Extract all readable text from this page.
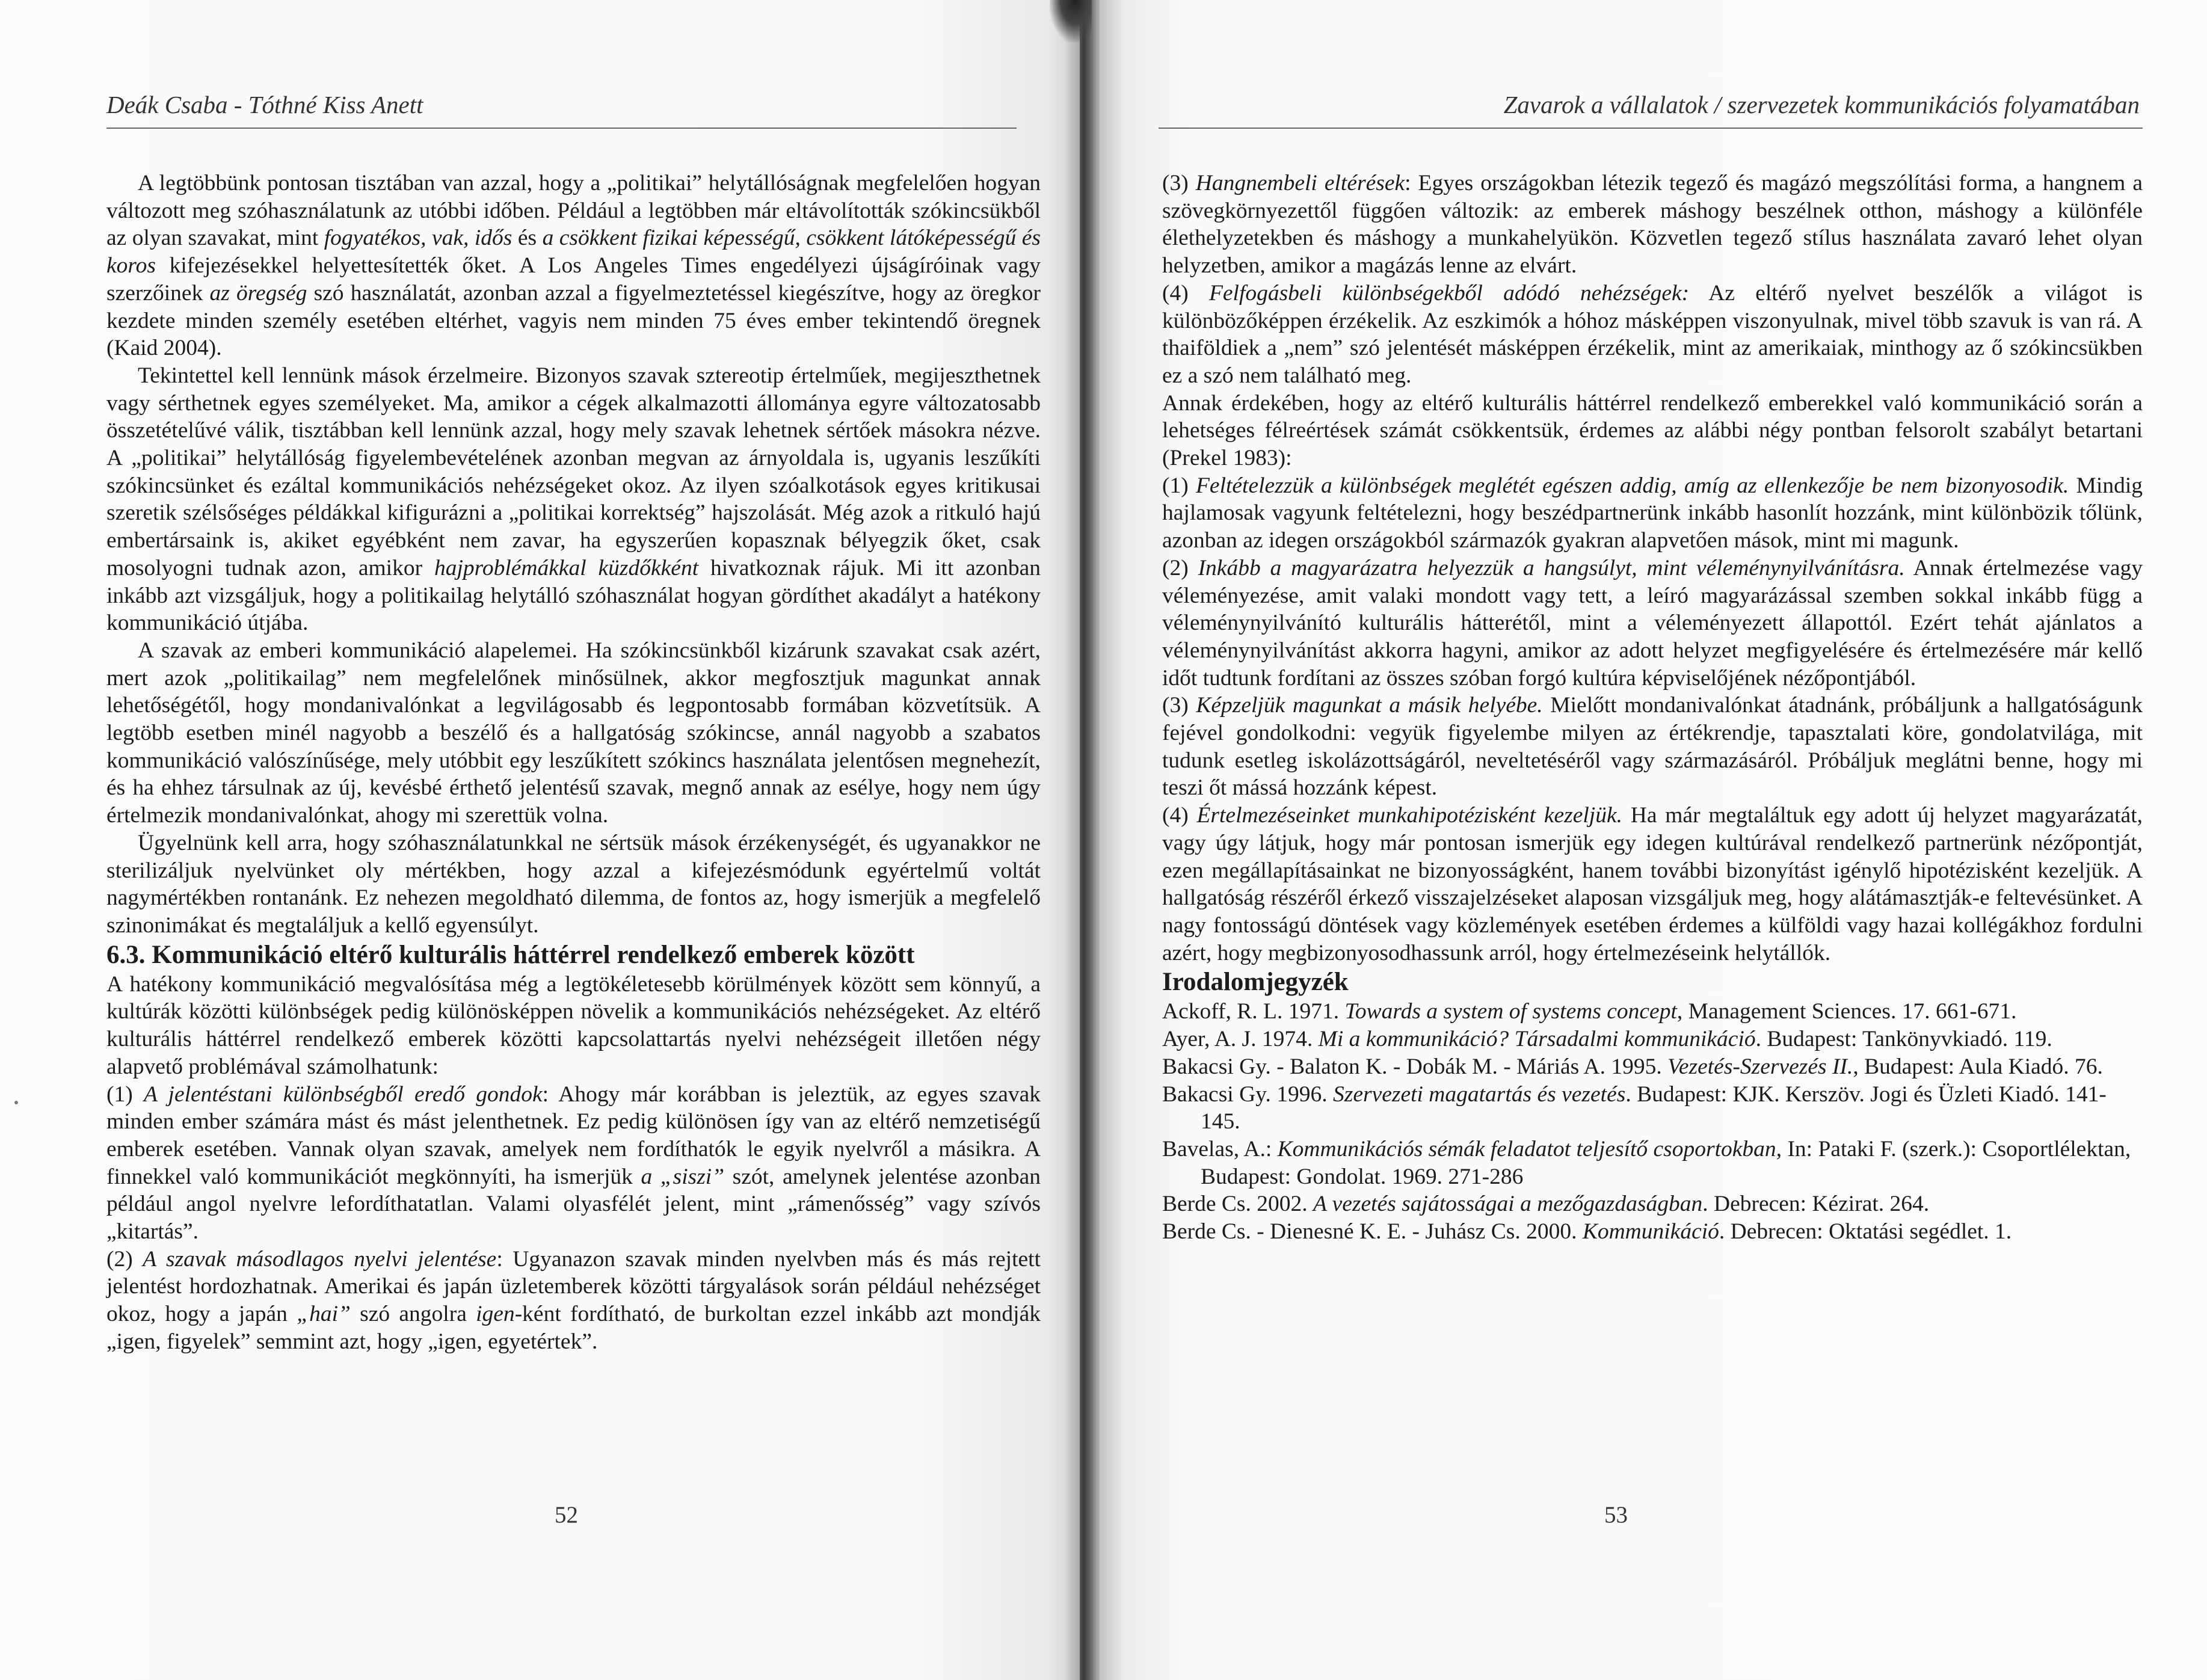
Deák Csaba - Tóthné Kiss Anett

A legtöbbünk pontosan tisztában van azzal, hogy a „politikai” helytállóságnak megfelelően hogyan változott meg szóhasználatunk az utóbbi időben. Például a legtöbben már eltávolították szókincsükből az olyan szavakat, mint fogyatékos, vak, idős és a csökkent fizikai képességű, csökkent látóképességű és koros kifejezésekkel helyettesítették őket. A Los Angeles Times engedélyezi újságíróinak vagy szerzőinek az öregség szó használatát, azonban azzal a figyelmeztetéssel kiegészítve, hogy az öregkor kezdete minden személy esetében eltérhet, vagyis nem minden 75 éves ember tekintendő öregnek (Kaid 2004).

Tekintettel kell lennünk mások érzelmeire. Bizonyos szavak sztereotip értelműek, megijeszthetnek vagy sérthetnek egyes személyeket. Ma, amikor a cégek alkalmazotti állománya egyre változatosabb összetételűvé válik, tisztábban kell lennünk azzal, hogy mely szavak lehetnek sértőek másokra nézve. A „politikai” helytállóság figyelembevételének azonban megvan az árnyoldala is, ugyanis leszűkíti szókincsünket és ezáltal kommunikációs nehézségeket okoz. Az ilyen szóalkotások egyes kritikusai szeretik szélsőséges példákkal kifigurázni a „politikai korrektség” hajszolását. Még azok a ritkuló hajú embertársaink is, akiket egyébként nem zavar, ha egyszerűen kopasznak bélyegzik őket, csak mosolyogni tudnak azon, amikor hajproblémákkal küzdőkként hivatkoznak rájuk. Mi itt azonban inkább azt vizsgáljuk, hogy a politikailag helytálló szóhasználat hogyan gördíthet akadályt a hatékony kommunikáció útjába.

A szavak az emberi kommunikáció alapelemei. Ha szókincsünkből kizárunk szavakat csak azért, mert azok „politikailag” nem megfelelőnek minősülnek, akkor megfosztjuk magunkat annak lehetőségétől, hogy mondanivalónkat a legvilágosabb és legpontosabb formában közvetítsük. A legtöbb esetben minél nagyobb a beszélő és a hallgatóság szókincse, annál nagyobb a szabatos kommunikáció valószínűsége, mely utóbbit egy leszűkített szókincs használata jelentősen megnehezít, és ha ehhez társulnak az új, kevésbé érthető jelentésű szavak, megnő annak az esélye, hogy nem úgy értelmezik mondanivalónkat, ahogy mi szerettük volna.

Ügyelnünk kell arra, hogy szóhasználatunkkal ne sértsük mások érzékenységét, és ugyanakkor ne sterilizáljuk nyelvünket oly mértékben, hogy azzal a kifejezésmódunk egyértelmű voltát nagymértékben rontanánk. Ez nehezen megoldható dilemma, de fontos az, hogy ismerjük a megfelelő szinonimákat és megtaláljuk a kellő egyensúlyt.

6.3. Kommunikáció eltérő kulturális háttérrel rendelkező emberek között

A hatékony kommunikáció megvalósítása még a legtökéletesebb körülmények között sem könnyű, a kultúrák közötti különbségek pedig különösképpen növelik a kommunikációs nehézségeket. Az eltérő kulturális háttérrel rendelkező emberek közötti kapcsolattartás nyelvi nehézségeit illetően négy alapvető problémával számolhatunk:

(1) A jelentéstani különbségből eredő gondok: Ahogy már korábban is jeleztük, az egyes szavak minden ember számára mást és mást jelenthetnek. Ez pedig különösen így van az eltérő nemzetiségű emberek esetében. Vannak olyan szavak, amelyek nem fordíthatók le egyik nyelvről a másikra. A finnekkel való kommunikációt megkönnyíti, ha ismerjük a „siszi” szót, amelynek jelentése azonban például angol nyelvre lefordíthatatlan. Valami olyasfélét jelent, mint „rámenősség” vagy szívós „kitartás”.

(2) A szavak másodlagos nyelvi jelentése: Ugyanazon szavak minden nyelvben más és más rejtett jelentést hordozhatnak. Amerikai és japán üzletemberek közötti tárgyalások során például nehézséget okoz, hogy a japán „hai” szó angolra igen-ként fordítható, de burkoltan ezzel inkább azt mondják „igen, figyelek” semmint azt, hogy „igen, egyetértek”.

52
Zavarok a vállalatok / szervezetek kommunikációs folyamatában

(3) Hangnembeli eltérések: Egyes országokban létezik tegező és magázó megszólítási forma, a hangnem a szövegkörnyezettől függően változik: az emberek máshogy beszélnek otthon, máshogy a különféle élethelyzetekben és máshogy a munkahelyükön. Közvetlen tegező stílus használata zavaró lehet olyan helyzetben, amikor a magázás lenne az elvárt.

(4) Felfogásbeli különbségekből adódó nehézségek: Az eltérő nyelvet beszélők a világot is különbözőképpen érzékelik. Az eszkimók a hóhoz másképpen viszonyulnak, mivel több szavuk is van rá. A thaiföldiek a „nem” szó jelentését másképpen érzékelik, mint az amerikaiak, minthogy az ő szókincsükben ez a szó nem található meg.

Annak érdekében, hogy az eltérő kulturális háttérrel rendelkező emberekkel való kommunikáció során a lehetséges félreértések számát csökkentsük, érdemes az alábbi négy pontban felsorolt szabályt betartani (Prekel 1983):

(1) Feltételezzük a különbségek meglétét egészen addig, amíg az ellenkezője be nem bizonyosodik. Mindig hajlamosak vagyunk feltételezni, hogy beszédpartnerünk inkább hasonlít hozzánk, mint különbözik tőlünk, azonban az idegen országokból származók gyakran alapvetően mások, mint mi magunk.

(2) Inkább a magyarázatra helyezzük a hangsúlyt, mint véleménynyilvánításra. Annak értelmezése vagy véleményezése, amit valaki mondott vagy tett, a leíró magyarázással szemben sokkal inkább függ a véleménynyilvánító kulturális hátterétől, mint a véleményezett állapottól. Ezért tehát ajánlatos a véleménynyilvánítást akkorra hagyni, amikor az adott helyzet megfigyelésére és értelmezésére már kellő időt tudtunk fordítani az összes szóban forgó kultúra képviselőjének nézőpontjából.

(3) Képzeljük magunkat a másik helyébe. Mielőtt mondanivalónkat átadnánk, próbáljunk a hallgatóságunk fejével gondolkodni: vegyük figyelembe milyen az értékrendje, tapasztalati köre, gondolatvilága, mit tudunk esetleg iskolázottságáról, neveltetéséről vagy származásáról. Próbáljuk meglátni benne, hogy mi teszi őt mássá hozzánk képest.

(4) Értelmezéseinket munkahipotézisként kezeljük. Ha már megtaláltuk egy adott új helyzet magyarázatát, vagy úgy látjuk, hogy már pontosan ismerjük egy idegen kultúrával rendelkező partnerünk nézőpontját, ezen megállapításainkat ne bizonyosságként, hanem további bizonyítást igénylő hipotézisként kezeljük. A hallgatóság részéről érkező visszajelzéseket alaposan vizsgáljuk meg, hogy alátámasztják-e feltevésünket. A nagy fontosságú döntések vagy közlemények esetében érdemes a külföldi vagy hazai kollégákhoz fordulni azért, hogy megbizonyosodhassunk arról, hogy értelmezéseink helytállók.

Irodalomjegyzék

Ackoff, R. L. 1971. Towards a system of systems concept, Management Sciences. 17. 661-671.

Ayer, A. J. 1974. Mi a kommunikáció? Társadalmi kommunikáció. Budapest: Tankönyvkiadó. 119.

Bakacsi Gy. - Balaton K. - Dobák M. - Máriás A. 1995. Vezetés-Szervezés II., Budapest: Aula Kiadó. 76.

Bakacsi Gy. 1996. Szervezeti magatartás és vezetés. Budapest: KJK. Kerszöv. Jogi és Üzleti Kiadó. 141-145.

Bavelas, A.: Kommunikációs sémák feladatot teljesítő csoportokban, In: Pataki F. (szerk.): Csoportlélektan, Budapest: Gondolat. 1969. 271-286

Berde Cs. 2002. A vezetés sajátosságai a mezőgazdaságban. Debrecen: Kézirat. 264.

Berde Cs. - Dienesné K. E. - Juhász Cs. 2000. Kommunikáció. Debrecen: Oktatási segédlet. 1.

53
